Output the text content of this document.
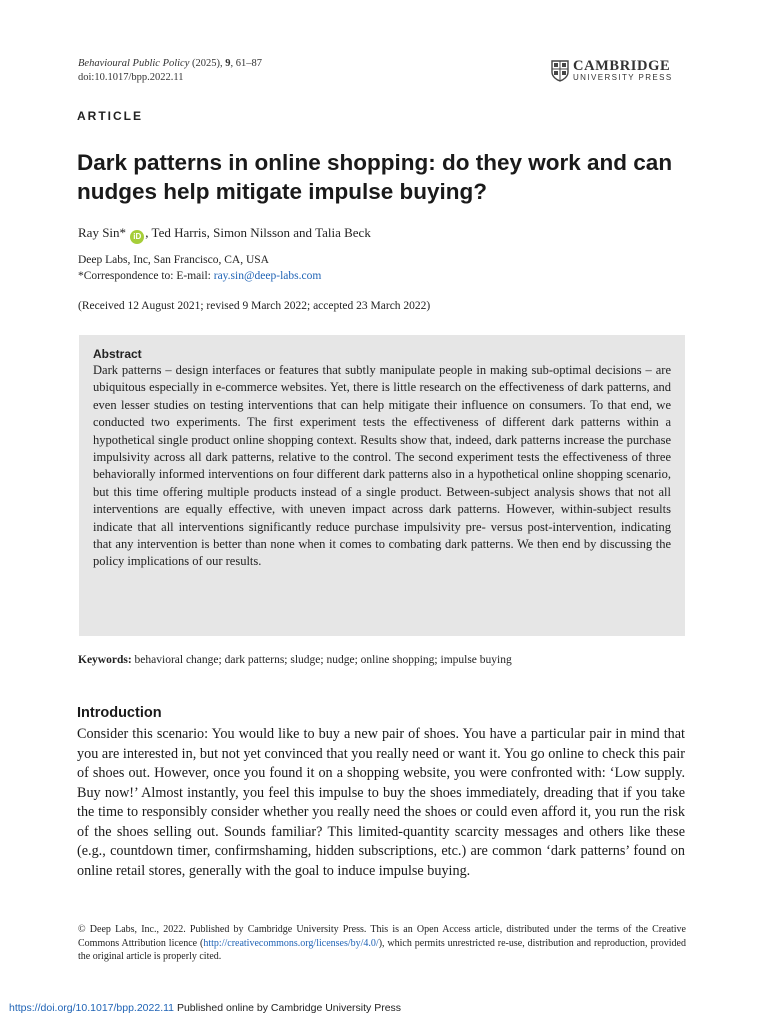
Behavioural Public Policy (2025), 9, 61–87
doi:10.1017/bpp.2022.11
CAMBRIDGE
UNIVERSITY PRESS
ARTICLE
Dark patterns in online shopping: do they work and can nudges help mitigate impulse buying?
Ray Sin* iD , Ted Harris, Simon Nilsson and Talia Beck
Deep Labs, Inc, San Francisco, CA, USA
*Correspondence to: E-mail: ray.sin@deep-labs.com
(Received 12 August 2021; revised 9 March 2022; accepted 23 March 2022)
Abstract
Dark patterns – design interfaces or features that subtly manipulate people in making sub-optimal decisions – are ubiquitous especially in e-commerce websites. Yet, there is little research on the effectiveness of dark patterns, and even lesser studies on testing interventions that can help mitigate their influence on consumers. To that end, we conducted two experiments. The first experiment tests the effectiveness of different dark patterns within a hypothetical single product online shopping context. Results show that, indeed, dark patterns increase the purchase impulsivity across all dark patterns, relative to the control. The second experiment tests the effectiveness of three behaviorally informed interventions on four different dark patterns also in a hypothetical online shopping scenario, but this time offering multiple products instead of a single product. Between-subject analysis shows that not all interventions are equally effective, with uneven impact across dark patterns. However, within-subject results indicate that all interventions significantly reduce purchase impulsivity pre- versus post-intervention, indicating that any intervention is better than none when it comes to combating dark patterns. We then end by discussing the policy implications of our results.
Keywords: behavioral change; dark patterns; sludge; nudge; online shopping; impulse buying
Introduction
Consider this scenario: You would like to buy a new pair of shoes. You have a particular pair in mind that you are interested in, but not yet convinced that you really need or want it. You go online to check this pair of shoes out. However, once you found it on a shopping website, you were confronted with: ‘Low supply. Buy now!’ Almost instantly, you feel this impulse to buy the shoes immediately, dreading that if you take the time to responsibly consider whether you really need the shoes or could even afford it, you run the risk of the shoes selling out. Sounds familiar? This limited-quantity scarcity messages and others like these (e.g., countdown timer, confirmshaming, hidden subscriptions, etc.) are common ‘dark patterns’ found on online retail stores, generally with the goal to induce impulse buying.
© Deep Labs, Inc., 2022. Published by Cambridge University Press. This is an Open Access article, distributed under the terms of the Creative Commons Attribution licence (http://creativecommons.org/licenses/by/4.0/), which permits unrestricted re-use, distribution and reproduction, provided the original article is properly cited.
https://doi.org/10.1017/bpp.2022.11 Published online by Cambridge University Press
